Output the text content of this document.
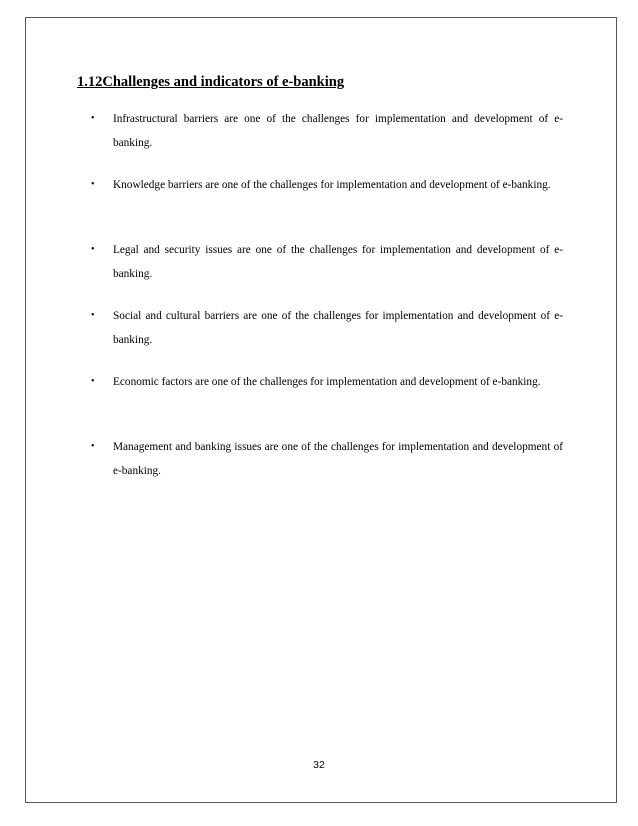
1.12Challenges and indicators of e-banking
•	Infrastructural barriers are one of the challenges for implementation and development of e-banking.
•	Knowledge barriers are one of the challenges for implementation and development of e-banking.
•	Legal and security issues are one of the challenges for implementation and development of e-banking.
•	Social and cultural barriers are one of the challenges for implementation and development of e-banking.
•	Economic factors are one of the challenges for implementation and development of e-banking.
•	Management and banking issues are one of the challenges for implementation and development of e-banking.
32
